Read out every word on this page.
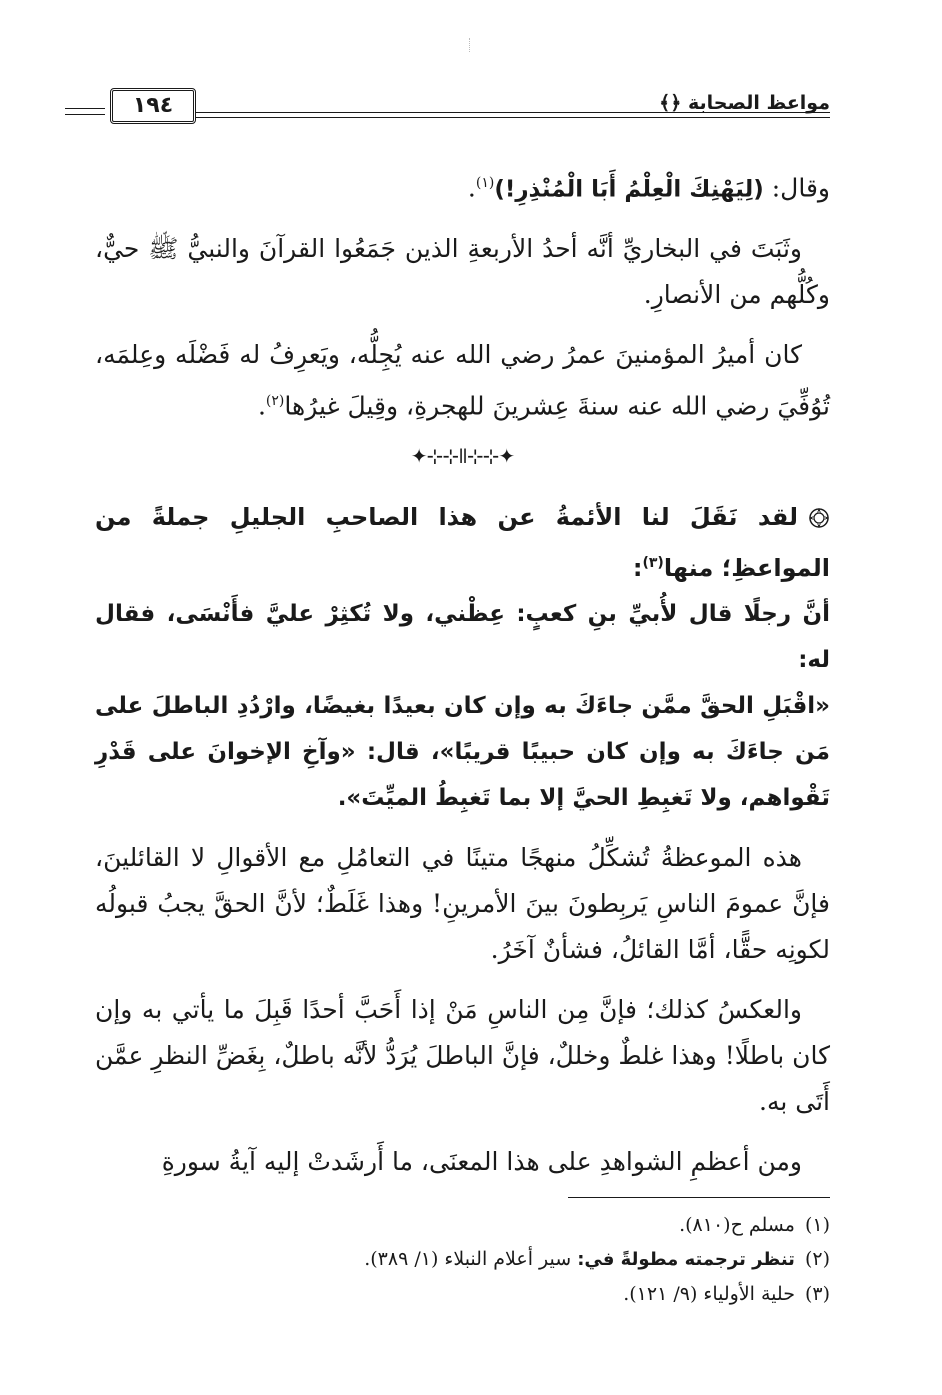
١٩٤	مواعظ الصحابة ﴿﴾

وقال: (لِيَهْنِكَ الْعِلْمُ أَبَا الْمُنْذِرِ!)$^{(١)}$.

وثَبَتَ في البخاريِّ أنَّه أحدُ الأربعةِ الذين جَمَعُوا القرآنَ والنبيُّ ﷺ حيٌّ، وكُلُّهم من الأنصارِ.

كان أميرُ المؤمنينَ عمرُ رضي الله عنه يُجِلُّه، ويَعرِفُ له فَضْلَه وعِلمَه، تُوُفِّيَ رضي الله عنه سنةَ عِشرينَ للهجرةِ، وقِيلَ غيرُها$^{(٢)}$.

✦⊹⊹ǁ⊹⊹✦

لقد نَقَلَ لنا الأئمةُ عن هذا الصاحبِ الجليلِ جملةً من المواعظِ؛ منها$^{(٣)}$:

أنَّ رجلًا قال لأُبيِّ بنِ كعبٍ: عِظْني، ولا تُكثِرْ عليَّ فأَنْسَى، فقال له:

«اقْبَلِ الحقَّ ممَّن جاءَكَ به وإن كان بعيدًا بغيضًا، وارْدُدِ الباطلَ على مَن جاءَكَ به وإن كان حبيبًا قريبًا»، قال: «وآخِ الإخوانَ على قَدْرِ تَقْواهم، ولا تَغبِطِ الحيَّ إلا بما تَغبِطُ الميِّتَ».

هذه الموعظةُ تُشكِّلُ منهجًا متينًا في التعامُلِ مع الأقوالِ لا القائلينَ، فإنَّ عمومَ الناسِ يَربِطونَ بينَ الأمرينِ! وهذا غَلَطٌ؛ لأنَّ الحقَّ يجبُ قبولُه لكونِه حقًّا، أمَّا القائلُ، فشأنٌ آخَرُ.

والعكسُ كذلك؛ فإنَّ مِن الناسِ مَنْ إذا أَحَبَّ أحدًا قَبِلَ ما يأتي به وإن كان باطلًا! وهذا غلطٌ وخللٌ، فإنَّ الباطلَ يُرَدُّ لأنَّه باطلٌ، بِغَضِّ النظرِ عمَّن أَتَى به.

ومن أعظمِ الشواهدِ على هذا المعنَى، ما أَرشَدتْ إليه آيةُ سورةِ

(١)مسلم ح(٨١٠).

(٢)تنظر ترجمته مطولةً في: سير أعلام النبلاء (١/ ٣٨٩).

(٣)حلية الأولياء (٩/ ١٢١).
